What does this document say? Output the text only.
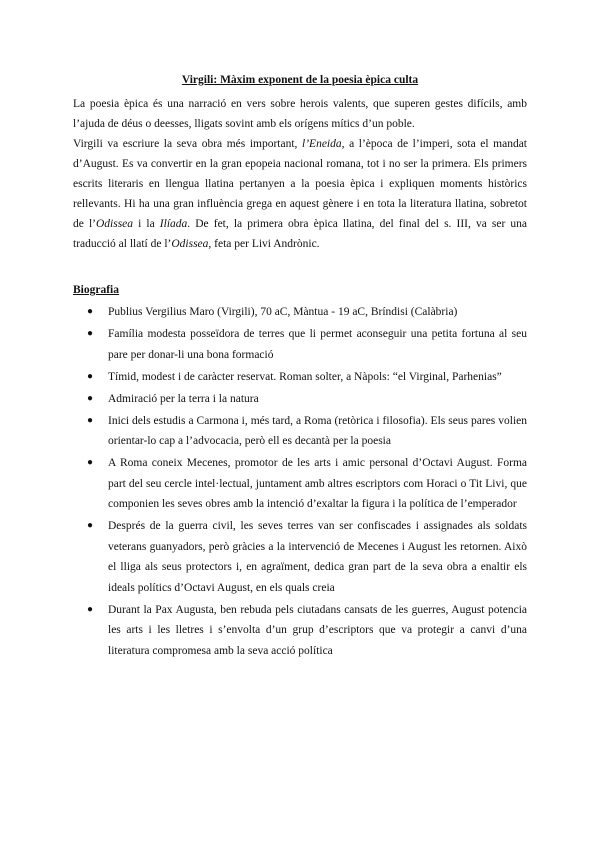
Virgili: Màxim exponent de la poesia èpica culta

La poesia èpica és una narració en vers sobre herois valents, que superen gestes difícils, amb l’ajuda de déus o deesses, lligats sovint amb els orígens mítics d’un poble.

Virgili va escriure la seva obra més important, l’Eneida, a l’època de l’imperi, sota el mandat d’August. Es va convertir en la gran epopeia nacional romana, tot i no ser la primera. Els primers escrits literaris en llengua llatina pertanyen a la poesia èpica i expliquen moments històrics rellevants. Hi ha una gran influència grega en aquest gènere i en tota la literatura llatina, sobretot de l’Odissea i la Ilíada. De fet, la primera obra èpica llatina, del final del s. III, va ser una traducció al llatí de l’Odissea, feta per Livi Andrònic.

Biografia
● Publius Vergilius Maro (Virgili), 70 aC, Màntua - 19 aC, Bríndisi (Calàbria)
● Família modesta posseïdora de terres que li permet aconseguir una petita fortuna al seu pare per donar-li una bona formació
● Tímid, modest i de caràcter reservat. Roman solter, a Nàpols: “el Virginal, Parhenias”
● Admiració per la terra i la natura
● Inici dels estudis a Carmona i, més tard, a Roma (retòrica i filosofia). Els seus pares volien orientar-lo cap a l’advocacia, però ell es decantà per la poesia
● A Roma coneix Mecenes, promotor de les arts i amic personal d’Octavi August. Forma part del seu cercle intel·lectual, juntament amb altres escriptors com Horaci o Tit Livi, que componien les seves obres amb la intenció d’exaltar la figura i la política de l’emperador
● Després de la guerra civil, les seves terres van ser confiscades i assignades als soldats veterans guanyadors, però gràcies a la intervenció de Mecenes i August les retornen. Això el lliga als seus protectors i, en agraïment, dedica gran part de la seva obra a enaltir els ideals polítics d’Octavi August, en els quals creia
● Durant la Pax Augusta, ben rebuda pels ciutadans cansats de les guerres, August potencia les arts i les lletres i s’envolta d’un grup d’escriptors que va protegir a canvi d’una literatura compromesa amb la seva acció política
